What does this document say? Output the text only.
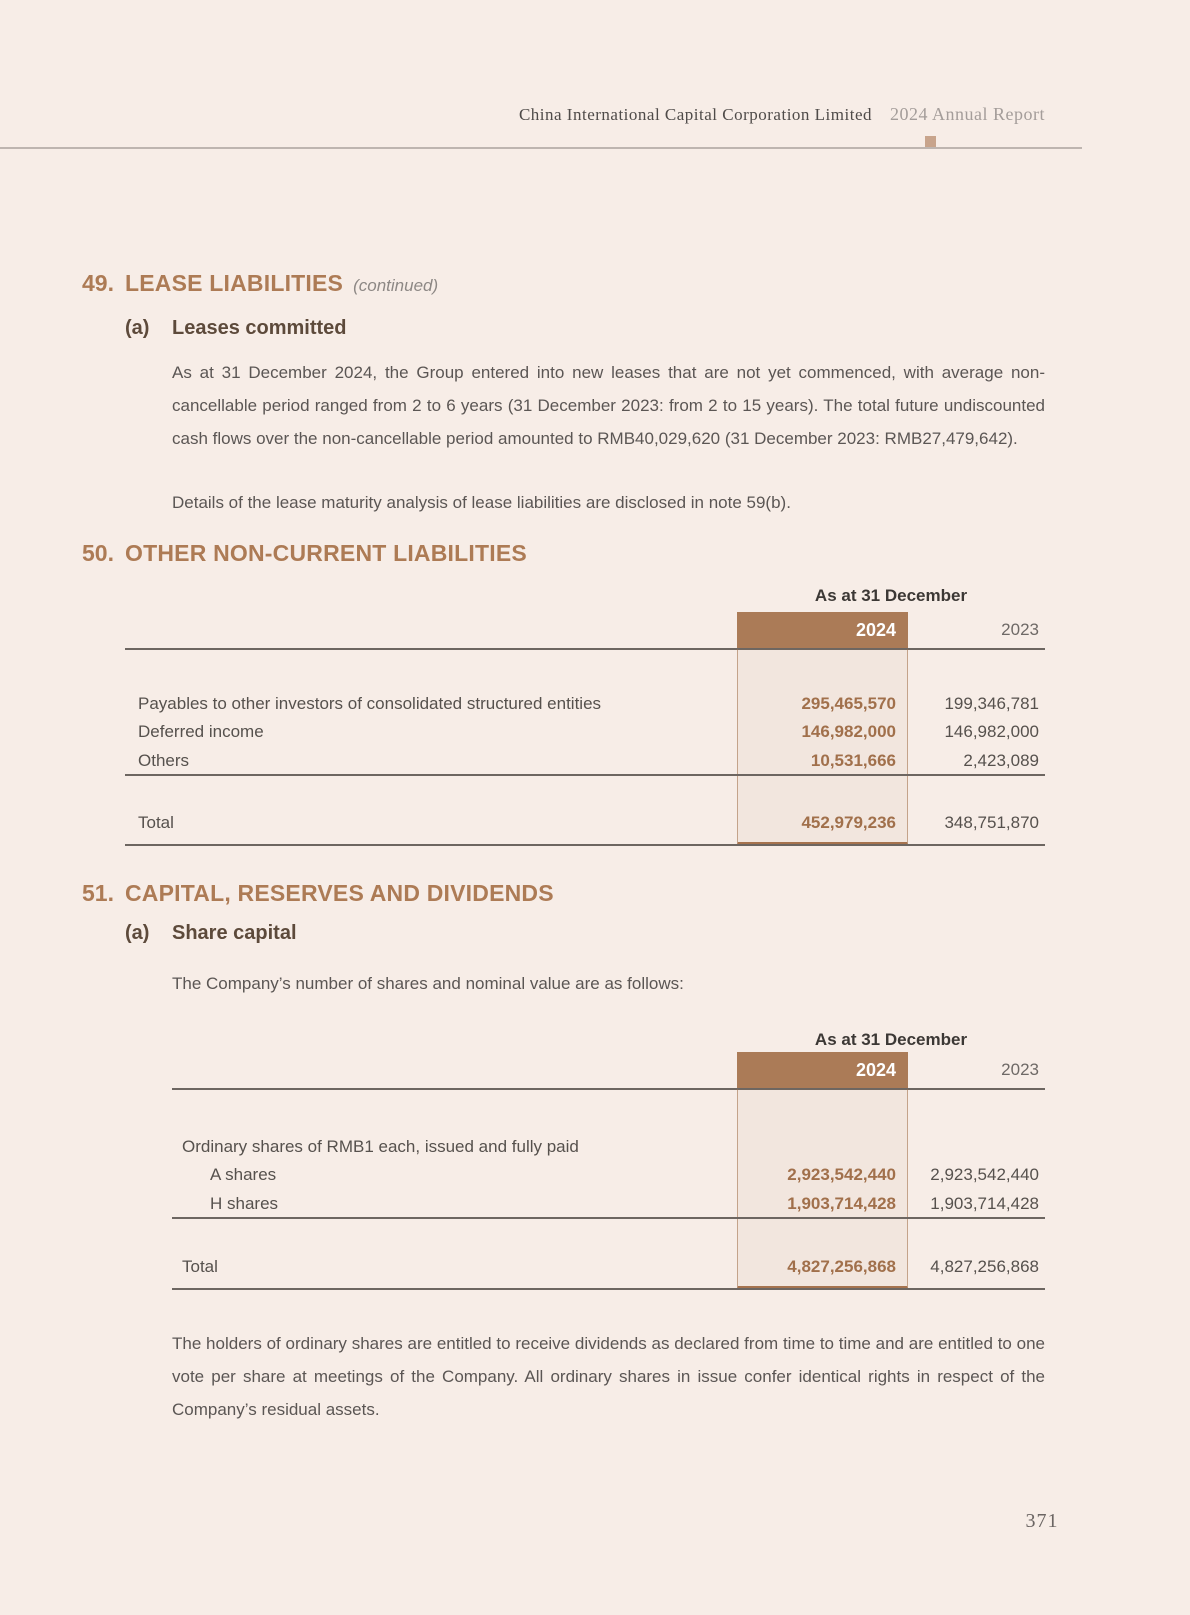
China International Capital Corporation Limited 2024 Annual Report
49. LEASE LIABILITIES (continued)
(a)	Leases committed
As at 31 December 2024, the Group entered into new leases that are not yet commenced, with average non-cancellable period ranged from 2 to 6 years (31 December 2023: from 2 to 15 years). The total future undiscounted cash flows over the non-cancellable period amounted to RMB40,029,620 (31 December 2023: RMB27,479,642).
Details of the lease maturity analysis of lease liabilities are disclosed in note 59(b).
50. OTHER NON-CURRENT LIABILITIES
As at 31 December
2024	2023
Payables to other investors of consolidated structured entities	295,465,570	199,346,781
Deferred income	146,982,000	146,982,000
Others	10,531,666	2,423,089
Total	452,979,236	348,751,870
51. CAPITAL, RESERVES AND DIVIDENDS
(a)	Share capital
The Company’s number of shares and nominal value are as follows:
As at 31 December
2024	2023
Ordinary shares of RMB1 each, issued and fully paid
A shares	2,923,542,440	2,923,542,440
H shares	1,903,714,428	1,903,714,428
Total	4,827,256,868	4,827,256,868
The holders of ordinary shares are entitled to receive dividends as declared from time to time and are entitled to one vote per share at meetings of the Company. All ordinary shares in issue confer identical rights in respect of the Company’s residual assets.
371
